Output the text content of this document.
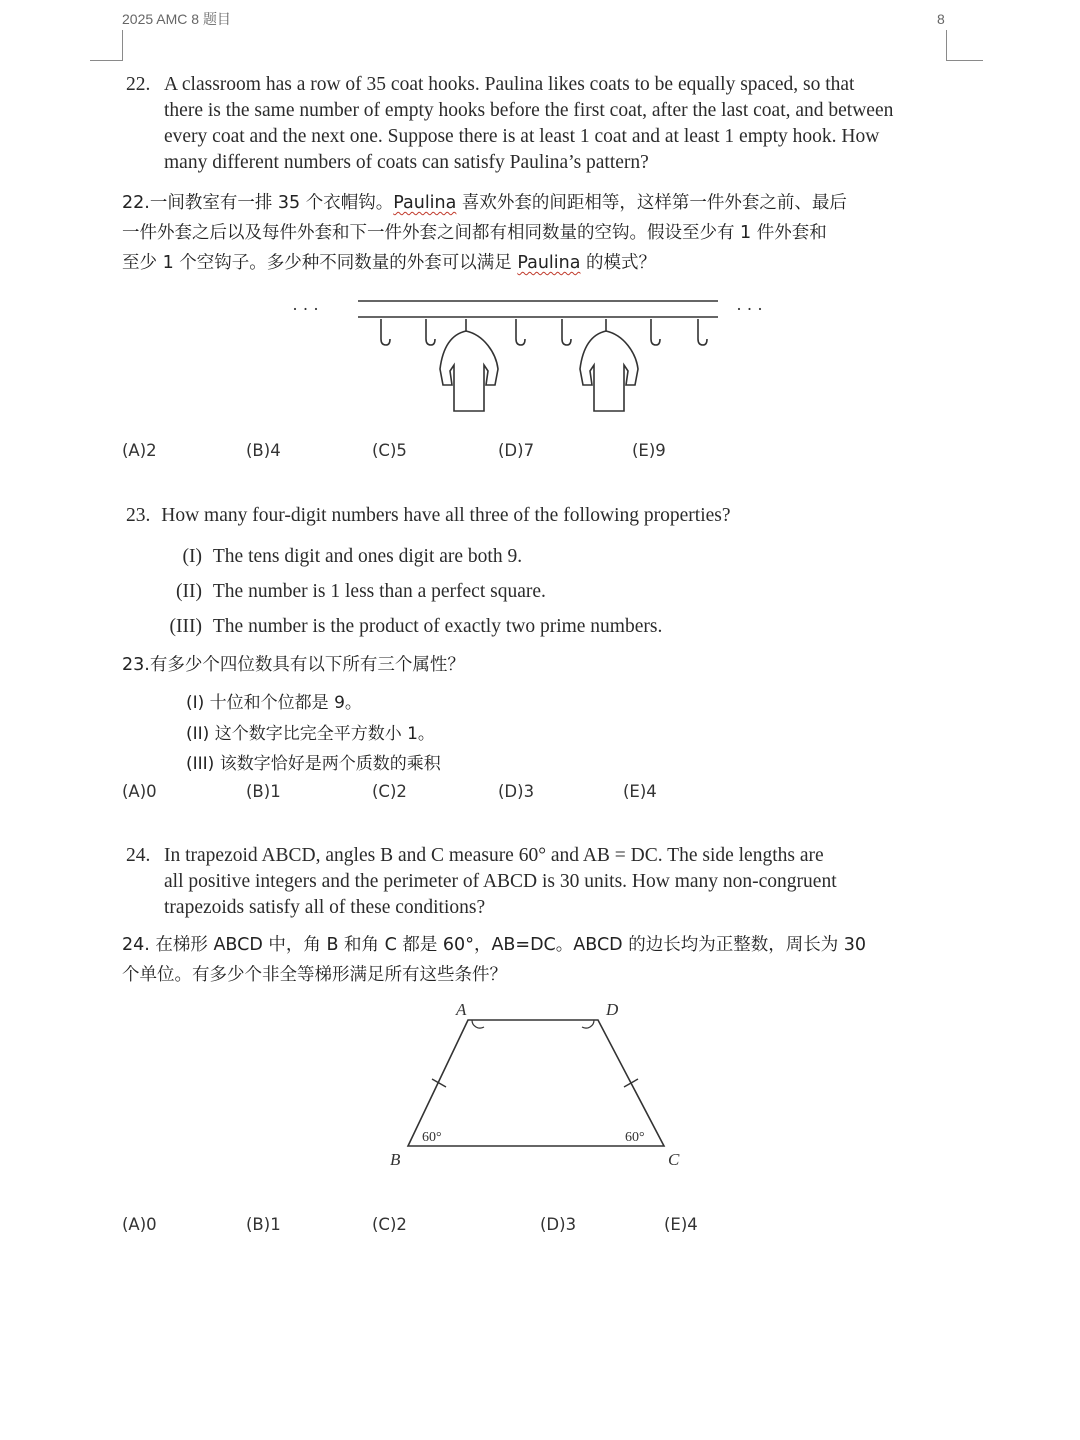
2025 AMC 8 题目	8
22. A classroom has a row of 35 coat hooks. Paulina likes coats to be equally spaced, so that
there is the same number of empty hooks before the first coat, after the last coat, and between
every coat and the next one. Suppose there is at least 1 coat and at least 1 empty hook. How
many different numbers of coats can satisfy Paulina’s pattern?
22.一间教室有一排 35 个衣帽钩。Paulina 喜欢外套的间距相等，这样第一件外套之前、最后
一件外套之后以及每件外套和下一件外套之间都有相同数量的空钩。假设至少有 1 件外套和
至少 1 个空钩子。多少种不同数量的外套可以满足 Paulina 的模式？
· · ·	· · ·
(A)2	(B)4	(C)5	(D)7	(E)9
23. How many four-digit numbers have all three of the following properties?
(I) The tens digit and ones digit are both 9.
(II) The number is 1 less than a perfect square.
(III) The number is the product of exactly two prime numbers.
23.有多少个四位数具有以下所有三个属性？
(I) 十位和个位都是 9。
(II) 这个数字比完全平方数小 1。
(III) 该数字恰好是两个质数的乘积
(A)0	(B)1	(C)2	(D)3	(E)4
24. In trapezoid ABCD, angles B and C measure 60° and AB = DC. The side lengths are
all positive integers and the perimeter of ABCD is 30 units. How many non-congruent
trapezoids satisfy all of these conditions?
24. 在梯形 ABCD 中，角 B 和角 C 都是 60°，AB=DC。ABCD 的边长均为正整数，周长为 30
个单位。有多少个非全等梯形满足所有这些条件？
A	D
B	C
60°	60°
(A)0	(B)1	(C)2	(D)3	(E)4
